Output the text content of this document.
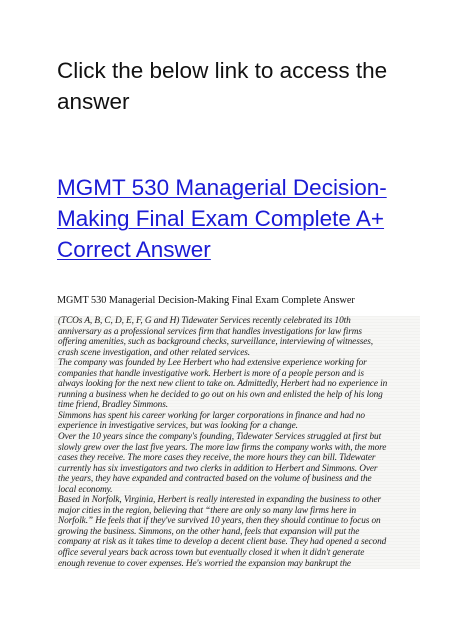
Click the below link to access the
answer
MGMT 530 Managerial Decision-
Making Final Exam Complete A+
Correct Answer

MGMT 530 Managerial Decision-Making Final Exam Complete Answer

(TCOs A, B, C, D, E, F, G and H) Tidewater Services recently celebrated its 10th
anniversary as a professional services firm that handles investigations for law firms
offering amenities, such as background checks, surveillance, interviewing of witnesses,
crash scene investigation, and other related services.
The company was founded by Lee Herbert who had extensive experience working for
companies that handle investigative work. Herbert is more of a people person and is
always looking for the next new client to take on. Admittedly, Herbert had no experience in
running a business when he decided to go out on his own and enlisted the help of his long
time friend, Bradley Simmons.
Simmons has spent his career working for larger corporations in finance and had no
experience in investigative services, but was looking for a change.
Over the 10 years since the company's founding, Tidewater Services struggled at first but
slowly grew over the last five years. The more law firms the company works with, the more
cases they receive. The more cases they receive, the more hours they can bill. Tidewater
currently has six investigators and two clerks in addition to Herbert and Simmons. Over
the years, they have expanded and contracted based on the volume of business and the
local economy.
Based in Norfolk, Virginia, Herbert is really interested in expanding the business to other
major cities in the region, believing that “there are only so many law firms here in
Norfolk.” He feels that if they've survived 10 years, then they should continue to focus on
growing the business. Simmons, on the other hand, feels that expansion will put the
company at risk as it takes time to develop a decent client base. They had opened a second
office several years back across town but eventually closed it when it didn't generate
enough revenue to cover expenses. He's worried the expansion may bankrupt the
